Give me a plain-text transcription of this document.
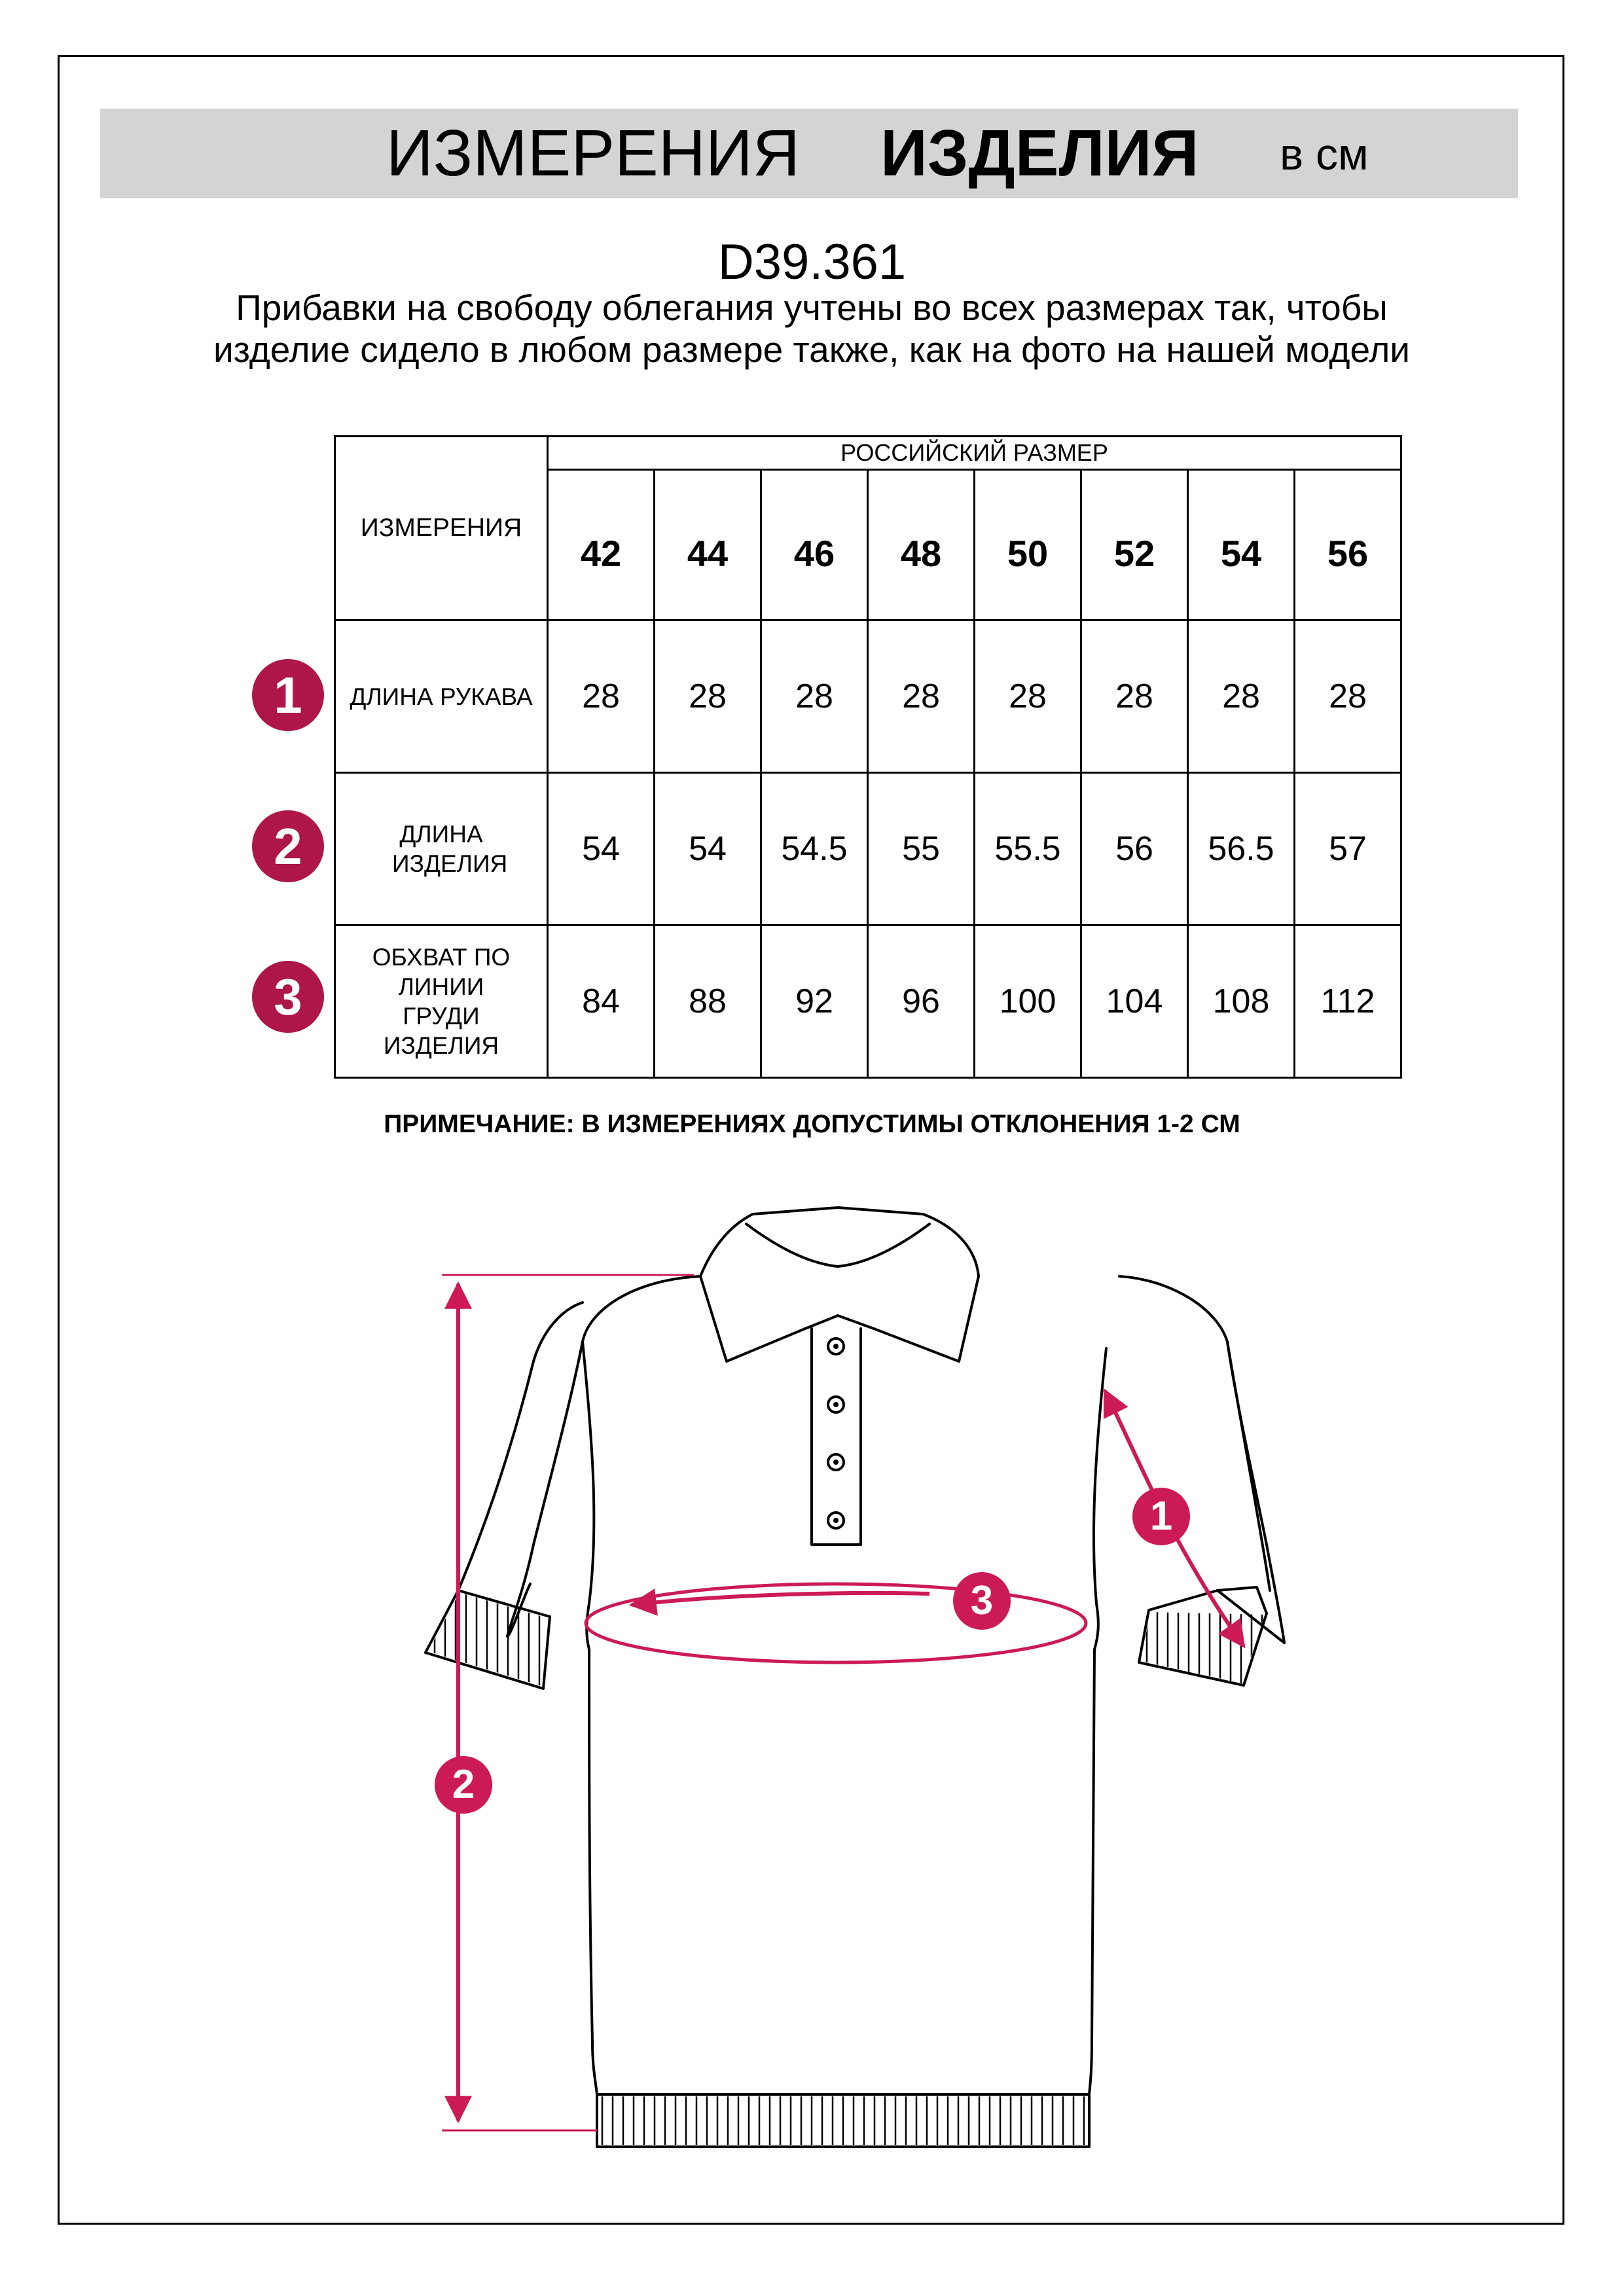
ИЗМЕРЕНИЯ ИЗДЕЛИЯ в см
D39.361
Прибавки на свободу облегания учтены во всех размерах так, чтобы изделие сидело в любом размере также, как на фото на нашей модели
ИЗМЕРЕНИЯ	РОССИЙСКИЙ РАЗМЕР							
	42	44	46	48	50	52	54	56
ДЛИНА РУКАВА	28	28	28	28	28	28	28	28

ДЛИНА ИЗДЕЛИЯ	54	54	54.5	55	55.5	56	56.5	57

ОБХВАТ ПО ЛИНИИ ГРУДИ ИЗДЕЛИЯ	84	88	92	96	100	104	108	112
1
2
3
ПРИМЕЧАНИЕ: В ИЗМЕРЕНИЯХ ДОПУСТИМЫ ОТКЛОНЕНИЯ 1-2 СМ
2
3
1
